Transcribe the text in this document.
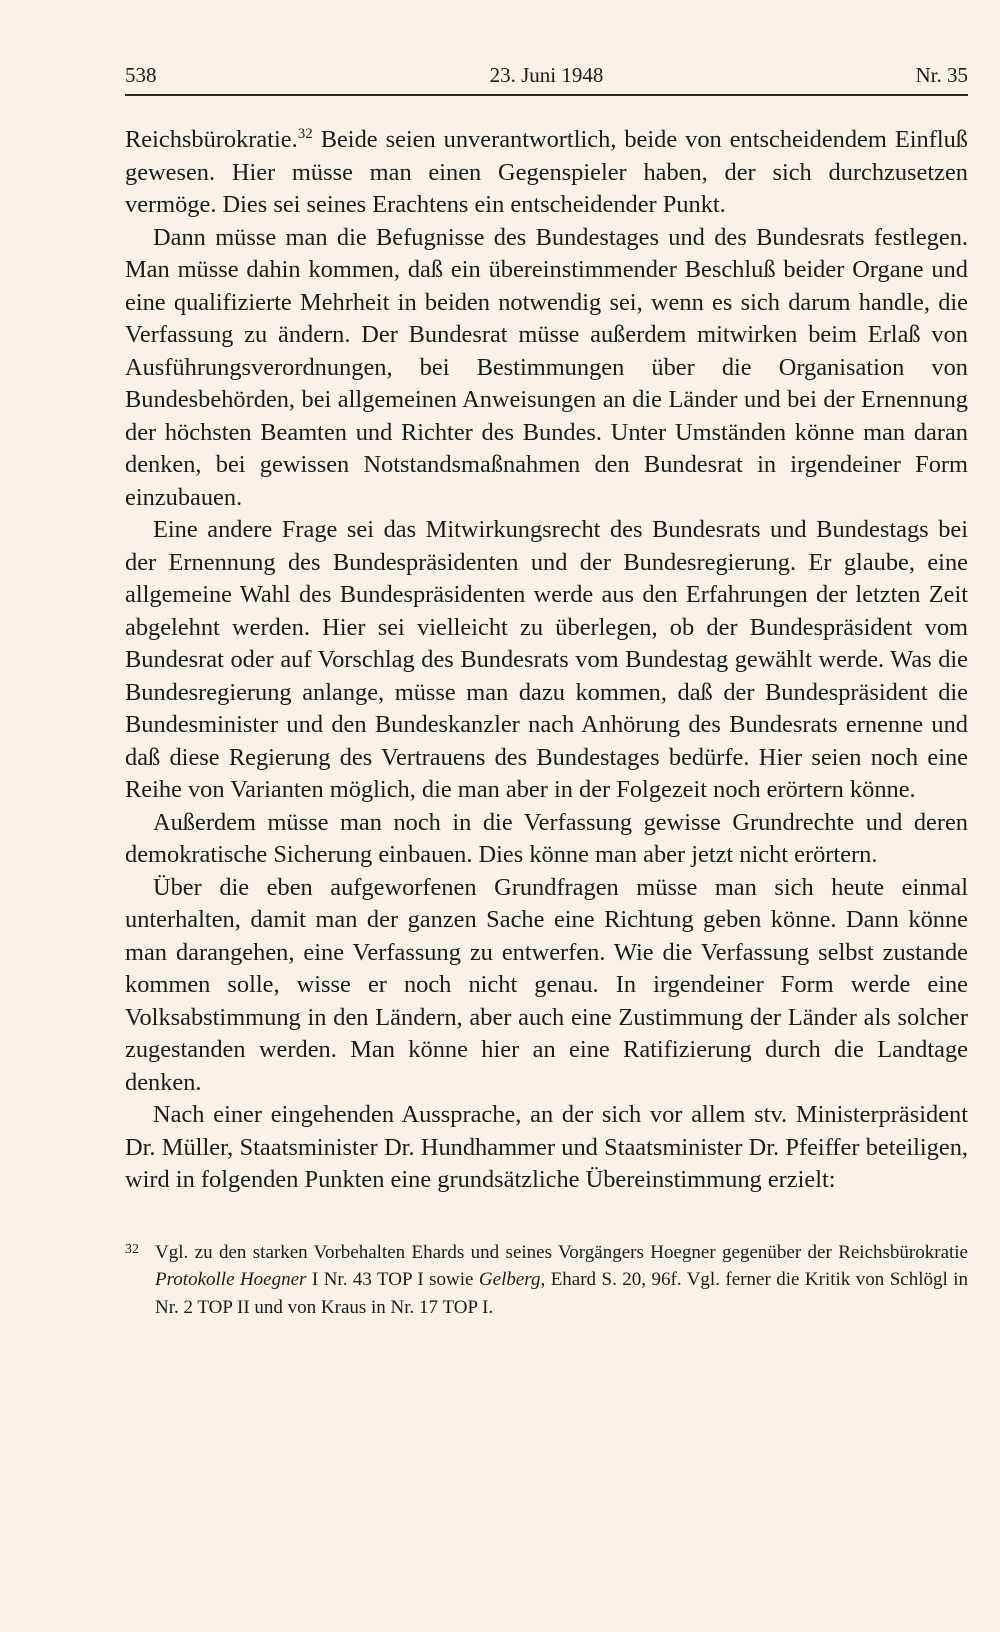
538	23. Juni 1948	Nr. 35

Reichsbürokratie.$^{32}$ Beide seien unverantwortlich, beide von entscheidendem Einfluß gewesen. Hier müsse man einen Gegenspieler haben, der sich durchzusetzen vermöge. Dies sei seines Erachtens ein entscheidender Punkt.

Dann müsse man die Befugnisse des Bundestages und des Bundesrats festlegen. Man müsse dahin kommen, daß ein übereinstimmender Beschluß beider Organe und eine qualifizierte Mehrheit in beiden notwendig sei, wenn es sich darum handle, die Verfassung zu ändern. Der Bundesrat müsse außerdem mitwirken beim Erlaß von Ausführungsverordnungen, bei Bestimmungen über die Organisation von Bundesbehörden, bei allgemeinen Anweisungen an die Länder und bei der Ernennung der höchsten Beamten und Richter des Bundes. Unter Umständen könne man daran denken, bei gewissen Notstandsmaßnahmen den Bundesrat in irgendeiner Form einzubauen.

Eine andere Frage sei das Mitwirkungsrecht des Bundesrats und Bundestags bei der Ernennung des Bundespräsidenten und der Bundesregierung. Er glaube, eine allgemeine Wahl des Bundespräsidenten werde aus den Erfahrungen der letzten Zeit abgelehnt werden. Hier sei vielleicht zu überlegen, ob der Bundespräsident vom Bundesrat oder auf Vorschlag des Bundesrats vom Bundestag gewählt werde. Was die Bundesregierung anlange, müsse man dazu kommen, daß der Bundespräsident die Bundesminister und den Bundeskanzler nach Anhörung des Bundesrats ernenne und daß diese Regierung des Vertrauens des Bundestages bedürfe. Hier seien noch eine Reihe von Varianten möglich, die man aber in der Folgezeit noch erörtern könne.

Außerdem müsse man noch in die Verfassung gewisse Grundrechte und deren demokratische Sicherung einbauen. Dies könne man aber jetzt nicht erörtern.

Über die eben aufgeworfenen Grundfragen müsse man sich heute einmal unterhalten, damit man der ganzen Sache eine Richtung geben könne. Dann könne man darangehen, eine Verfassung zu entwerfen. Wie die Verfassung selbst zustande kommen solle, wisse er noch nicht genau. In irgendeiner Form werde eine Volksabstimmung in den Ländern, aber auch eine Zustimmung der Länder als solcher zugestanden werden. Man könne hier an eine Ratifizierung durch die Landtage denken.

Nach einer eingehenden Aussprache, an der sich vor allem stv. Ministerpräsident Dr. Müller, Staatsminister Dr. Hundhammer und Staatsminister Dr. Pfeiffer beteiligen, wird in folgenden Punkten eine grundsätzliche Übereinstimmung erzielt:

32 Vgl. zu den starken Vorbehalten Ehards und seines Vorgängers Hoegner gegenüber der Reichsbürokratie Protokolle Hoegner I Nr. 43 TOP I sowie Gelberg, Ehard S. 20, 96f. Vgl. ferner die Kritik von Schlögl in Nr. 2 TOP II und von Kraus in Nr. 17 TOP I.
